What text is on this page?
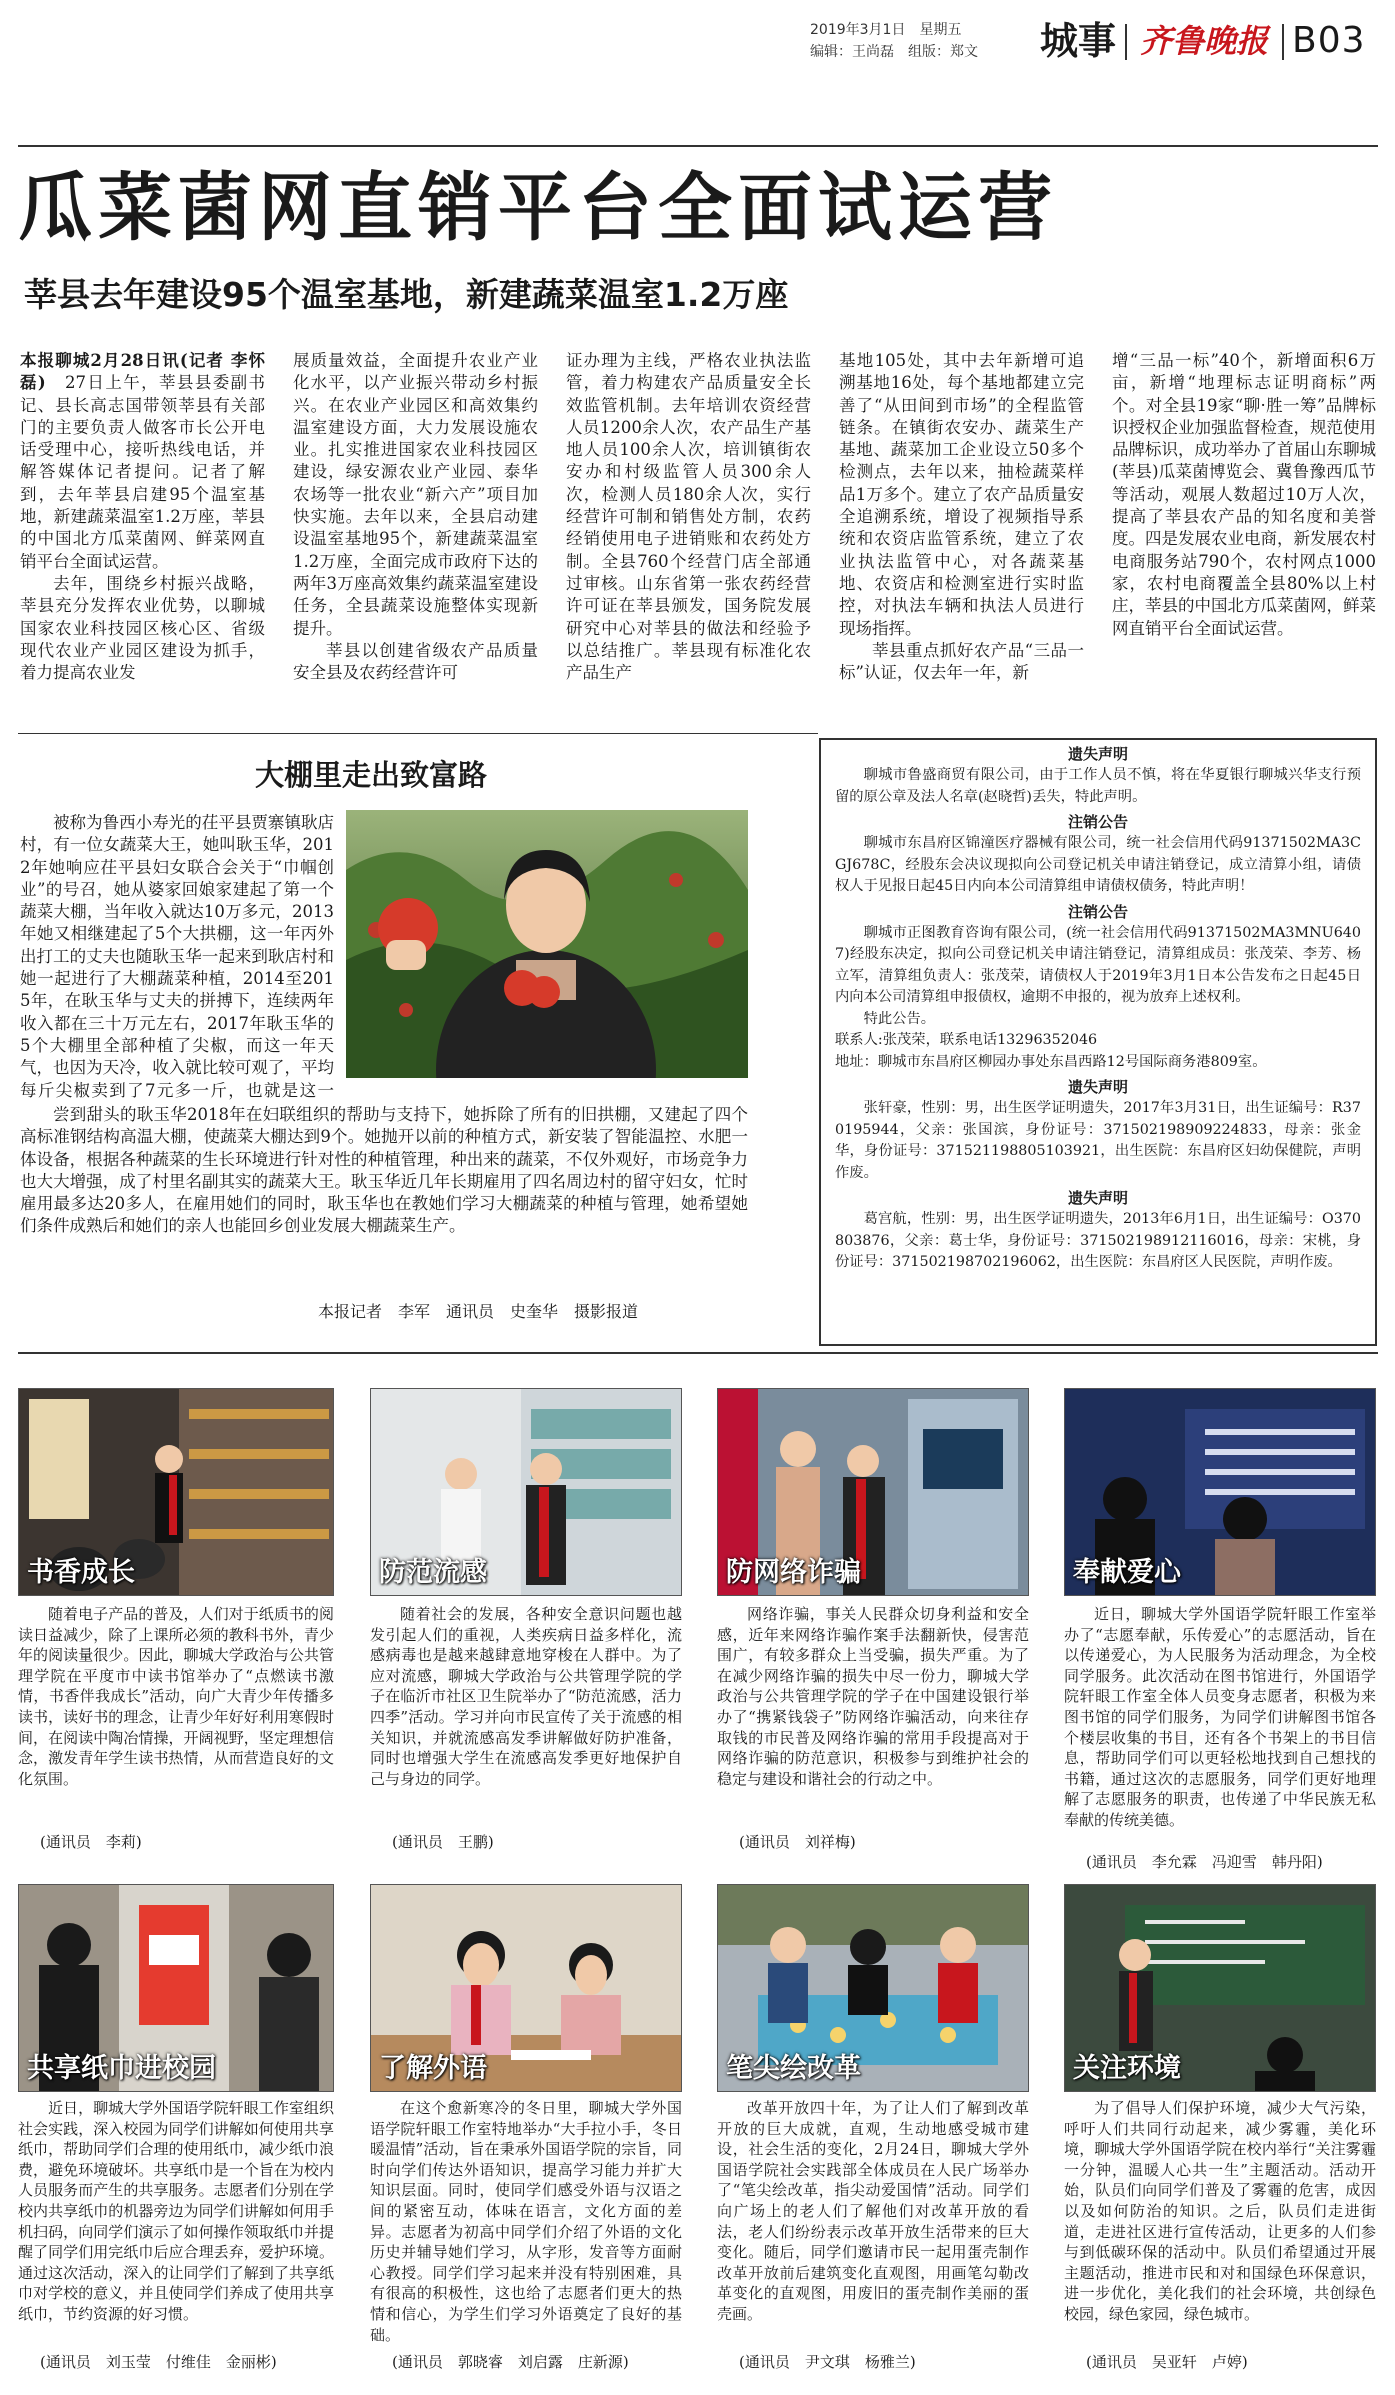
2019年3月1日　星期五
编辑：王尚磊　组版：郑文 城事 齐鲁晚报 B03
瓜菜菌网直销平台全面试运营
莘县去年建设95个温室基地，新建蔬菜温室1.2万座

本报聊城2月28日讯(记者 李怀磊)　 27日上午，莘县县委副书记、县长高志国带领莘县有关部门的主要负责人做客市长公开电话受理中心，接听热线电话，并解答媒体记者提问。记者了解到，去年莘县启建95个温室基地，新建蔬菜温室1.2万座，莘县的中国北方瓜菜菌网、鲜菜网直销平台全面试运营。

去年，围绕乡村振兴战略，莘县充分发挥农业优势，以聊城国家农业科技园区核心区、省级现代农业产业园区建设为抓手，着力提高农业发

展质量效益，全面提升农业产业化水平，以产业振兴带动乡村振兴。在农业产业园区和高效集约温室建设方面，大力发展设施农业。扎实推进国家农业科技园区建设，绿安源农业产业园、泰华农场等一批农业“新六产”项目加快实施。去年以来，全县启动建设温室基地95个，新建蔬菜温室1.2万座，全面完成市政府下达的两年3万座高效集约蔬菜温室建设任务，全县蔬菜设施整体实现新提升。

莘县以创建省级农产品质量安全县及农药经营许可

证办理为主线，严格农业执法监管，着力构建农产品质量安全长效监管机制。去年培训农资经营人员1200余人次，农产品生产基地人员100余人次，培训镇街农安办和村级监管人员300余人次，检测人员180余人次，实行经营许可制和销售处方制，农药经销使用电子进销账和农药处方制。全县760个经营门店全部通过审核。山东省第一张农药经营许可证在莘县颁发，国务院发展研究中心对莘县的做法和经验予以总结推广。莘县现有标准化农产品生产

基地105处，其中去年新增可追溯基地16处，每个基地都建立完善了“从田间到市场”的全程监管链条。在镇街农安办、蔬菜生产基地、蔬菜加工企业设立50多个检测点，去年以来，抽检蔬菜样品1万多个。建立了农产品质量安全追溯系统，增设了视频指导系统和农资店监管系统，建立了农业执法监管中心，对各蔬菜基地、农资店和检测室进行实时监控，对执法车辆和执法人员进行现场指挥。

莘县重点抓好农产品“三品一标”认证，仅去年一年，新

增“三品一标”40个，新增面积6万亩，新增“地理标志证明商标”两个。对全县19家“聊·胜一筹”品牌标识授权企业加强监督检查，规范使用品牌标识，成功举办了首届山东聊城(莘县)瓜菜菌博览会、冀鲁豫西瓜节等活动，观展人数超过10万人次，提高了莘县农产品的知名度和美誉度。四是发展农业电商，新发展农村电商服务站790个，农村网点1000家，农村电商覆盖全县80%以上村庄，莘县的中国北方瓜菜菌网，鲜菜网直销平台全面试运营。

大棚里走出致富路

被称为鲁西小寿光的茌平县贾寨镇耿店村，有一位女蔬菜大王，她叫耿玉华，2012年她响应茌平县妇女联合会关于“巾帼创业”的号召，她从婆家回娘家建起了第一个蔬菜大棚，当年收入就达10万多元，2013年她又相继建起了5个大拱棚，这一年丙外出打工的丈夫也随耿玉华一起来到耿店村和她一起进行了大棚蔬菜种植，2014至2015年，在耿玉华与丈夫的拼搏下，连续两年收入都在三十万元左右，2017年耿玉华的5个大棚里全部种植了尖椒，而这一年天气，也因为天冷，收入就比较可观了，平均每斤尖椒卖到了7元多一斤，也就是这一

尝到甜头的耿玉华2018年在妇联组织的帮助与支持下，她拆除了所有的旧拱棚，又建起了四个高标准钢结构高温大棚，使蔬菜大棚达到9个。她抛开以前的种植方式，新安装了智能温控、水肥一体设备，根据各种蔬菜的生长环境进行针对性的种植管理，种出来的蔬菜，不仅外观好，市场竞争力也大大增强，成了村里名副其实的蔬菜大王。耿玉华近几年长期雇用了四名周边村的留守妇女，忙时雇用最多达20多人，在雇用她们的同时，耿玉华也在教她们学习大棚蔬菜的种植与管理，她希望她们条件成熟后和她们的亲人也能回乡创业发展大棚蔬菜生产。

本报记者　李军　通讯员　史奎华　摄影报道
遗失声明

聊城市鲁盛商贸有限公司，由于工作人员不慎，将在华夏银行聊城兴华支行预留的原公章及法人名章(赵晓哲)丢失，特此声明。

注销公告

聊城市东昌府区锦潼医疗器械有限公司，统一社会信用代码91371502MA3CGJ678C，经股东会决议现拟向公司登记机关申请注销登记，成立清算小组，请债权人于见报日起45日内向本公司清算组申请债权债务，特此声明！

注销公告

聊城市正图教育咨询有限公司，(统一社会信用代码91371502MA3MNU6407)经股东决定，拟向公司登记机关申请注销登记，清算组成员：张茂荣、李芳、杨立军，清算组负责人：张茂荣，请债权人于2019年3月1日本公告发布之日起45日内向本公司清算组申报债权，逾期不申报的，视为放弃上述权利。

特此公告。

联系人:张茂荣，联系电话13296352046

地址：聊城市东昌府区柳园办事处东昌西路12号国际商务港809室。

遗失声明

张轩豪，性别：男，出生医学证明遗失，2017年3月31日，出生证编号：R370195944，父亲：张国滨，身份证号：371502198909224833，母亲：张金华，身份证号：371521198805103921，出生医院：东昌府区妇幼保健院，声明作废。

遗失声明

葛宫航，性别：男，出生医学证明遗失，2013年6月1日，出生证编号：O370803876，父亲：葛士华，身份证号：371502198912116016，母亲：宋桃，身份证号：371502198702196062，出生医院：东昌府区人民医院，声明作废。

书香成长	防范流感	防网络诈骗	奉献爱心

随着电子产品的普及，人们对于纸质书的阅读日益减少，除了上课所必须的教科书外，青少年的阅读量很少。因此，聊城大学政治与公共管理学院在平度市中读书馆举办了“点燃读书激情，书香伴我成长”活动，向广大青少年传播多读书，读好书的理念，让青少年好好利用寒假时间，在阅读中陶冶情操，开阔视野，坚定理想信念，激发青年学生读书热情，从而营造良好的文化氛围。

随着社会的发展，各种安全意识问题也越发引起人们的重视，人类疾病日益多样化，流感病毒也是越来越肆意地穿梭在人群中。为了应对流感，聊城大学政治与公共管理学院的学子在临沂市社区卫生院举办了“防范流感，活力四季”活动。学习并向市民宣传了关于流感的相关知识，并就流感高发季讲解做好防护准备，同时也增强大学生在流感高发季更好地保护自己与身边的同学。

网络诈骗，事关人民群众切身利益和安全感，近年来网络诈骗作案手法翻新快，侵害范围广，有较多群众上当受骗，损失严重。为了在减少网络诈骗的损失中尽一份力，聊城大学政治与公共管理学院的学子在中国建设银行举办了“携紧钱袋子”防网络诈骗活动，向来往存取钱的市民普及网络诈骗的常用手段提高对于网络诈骗的防范意识，积极参与到维护社会的稳定与建设和谐社会的行动之中。

近日，聊城大学外国语学院轩眼工作室举办了“志愿奉献，乐传爱心”的志愿活动，旨在以传递爱心，为人民服务为活动理念，为全校同学服务。此次活动在图书馆进行，外国语学院轩眼工作室全体人员变身志愿者，积极为来图书馆的同学们服务，为同学们讲解图书馆各个楼层收集的书目，还有各个书架上的书目信息，帮助同学们可以更轻松地找到自己想找的书籍，通过这次的志愿服务，同学们更好地理解了志愿服务的职责，也传递了中华民族无私奉献的传统美德。

(通讯员　李莉)	(通讯员　王鹏)	(通讯员　刘祥梅)
(通讯员　李允霖　冯迎雪　韩丹阳)
共享纸巾进校园	了解外语	笔尖绘改革	关注环境

近日，聊城大学外国语学院轩眼工作室组织社会实践，深入校园为同学们讲解如何使用共享纸巾，帮助同学们合理的使用纸巾，减少纸巾浪费，避免环境破坏。共享纸巾是一个旨在为校内人员服务而产生的共享服务。志愿者们分别在学校内共享纸巾的机器旁边为同学们讲解如何用手机扫码，向同学们演示了如何操作领取纸巾并提醒了同学们用完纸巾后应合理丢弃，爱护环境。通过这次活动，深入的让同学们了解到了共享纸巾对学校的意义，并且使同学们养成了使用共享纸巾，节约资源的好习惯。

在这个愈新寒冷的冬日里，聊城大学外国语学院轩眼工作室特地举办“大手拉小手，冬日暖温情”活动，旨在秉承外国语学院的宗旨，同时向学们传达外语知识，提高学习能力并扩大知识层面。同时，使同学们感受外语与汉语之间的紧密互动，体味在语言，文化方面的差异。志愿者为初高中同学们介绍了外语的文化历史并辅导她们学习，从字形，发音等方面耐心教授。同学们学习起来并没有特别困难，具有很高的积极性，这也给了志愿者们更大的热情和信心，为学生们学习外语奠定了良好的基础。

改革开放四十年，为了让人们了解到改革开放的巨大成就，直观，生动地感受城市建设，社会生活的变化，2月24日，聊城大学外国语学院社会实践部全体成员在人民广场举办了“笔尖绘改革，指尖动爱国情”活动。同学们向广场上的老人们了解他们对改革开放的看法，老人们纷纷表示改革开放生活带来的巨大变化。随后，同学们邀请市民一起用蛋壳制作改革开放前后建筑变化直观图，用画笔勾勒改革变化的直观图，用废旧的蛋壳制作美丽的蛋壳画。

为了倡导人们保护环境，减少大气污染，呼吁人们共同行动起来，减少雾霾，美化环境，聊城大学外国语学院在校内举行“关注雾霾一分钟，温暖人心共一生”主题活动。活动开始，队员们向同学们普及了雾霾的危害，成因以及如何防治的知识。之后，队员们走进街道，走进社区进行宣传活动，让更多的人们参与到低碳环保的活动中。队员们希望通过开展主题活动，推进市民和对和国绿色环保意识，进一步优化，美化我们的社会环境，共创绿色校园，绿色家园，绿色城市。

(通讯员　刘玉莹　付维佳　金丽彬)	(通讯员　郭晓睿　刘启露　庄新源)	(通讯员　尹文琪　杨雅兰)	(通讯员　吴亚轩　卢婷)
